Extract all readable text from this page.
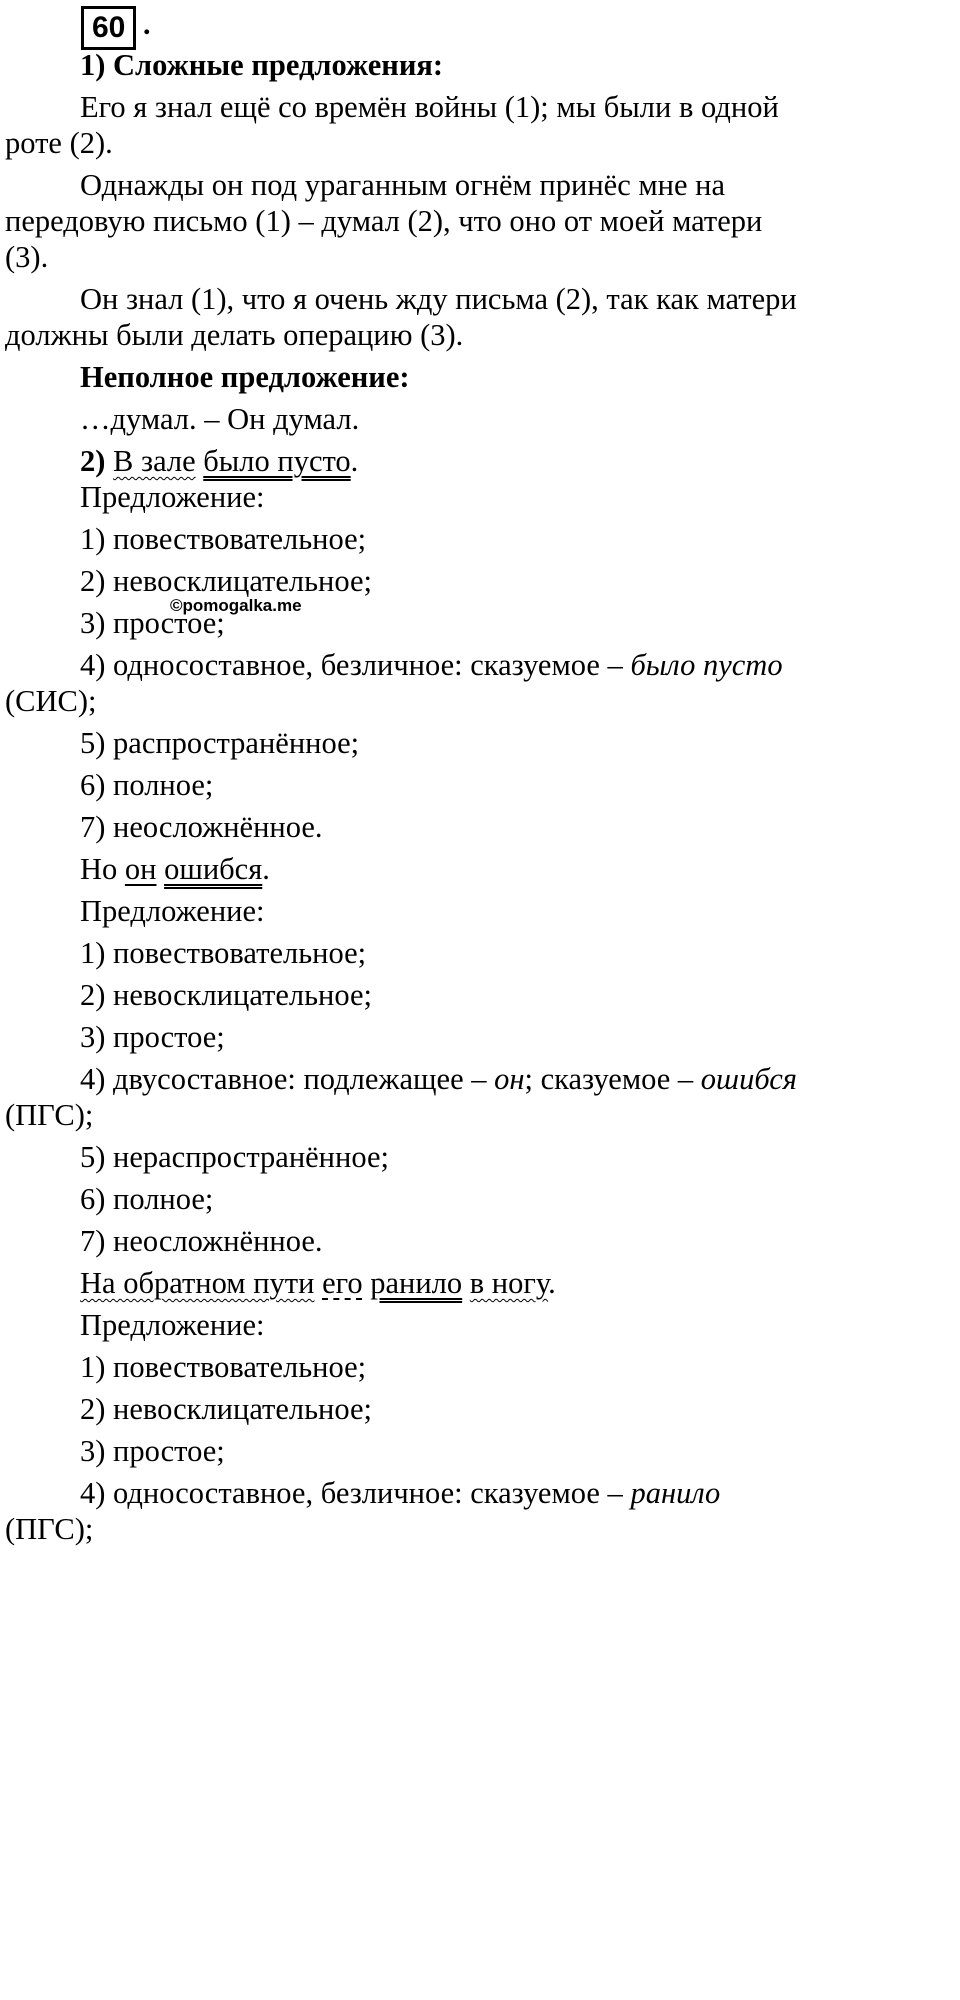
60 .
1) Сложные предложения:
Его я знал ещё со времён войны (1); мы были в одной
роте (2).
Однажды он под ураганным огнём принёс мне на
передовую письмо (1) – думал (2), что оно от моей матери
(3).
Он знал (1), что я очень жду письма (2), так как матери
должны были делать операцию (3).
Неполное предложение:
…думал. – Он думал.
2) В зале было пусто.
©pomogalka.me
Предложение:
1) повествовательное;
2) невосклицательное;
3) простое;
4) односоставное, безличное: сказуемое – было пусто
(СИС);
5) распространённое;
6) полное;
7) неосложнённое.
Но он ошибся.
Предложение:
1) повествовательное;
2) невосклицательное;
3) простое;
4) двусоставное: подлежащее – он; сказуемое – ошибся
(ПГС);
5) нераспространённое;
6) полное;
7) неосложнённое.
На обратном пути его ранило в ногу.
Предложение:
1) повествовательное;
2) невосклицательное;
3) простое;
4) односоставное, безличное: сказуемое – ранило
(ПГС);
